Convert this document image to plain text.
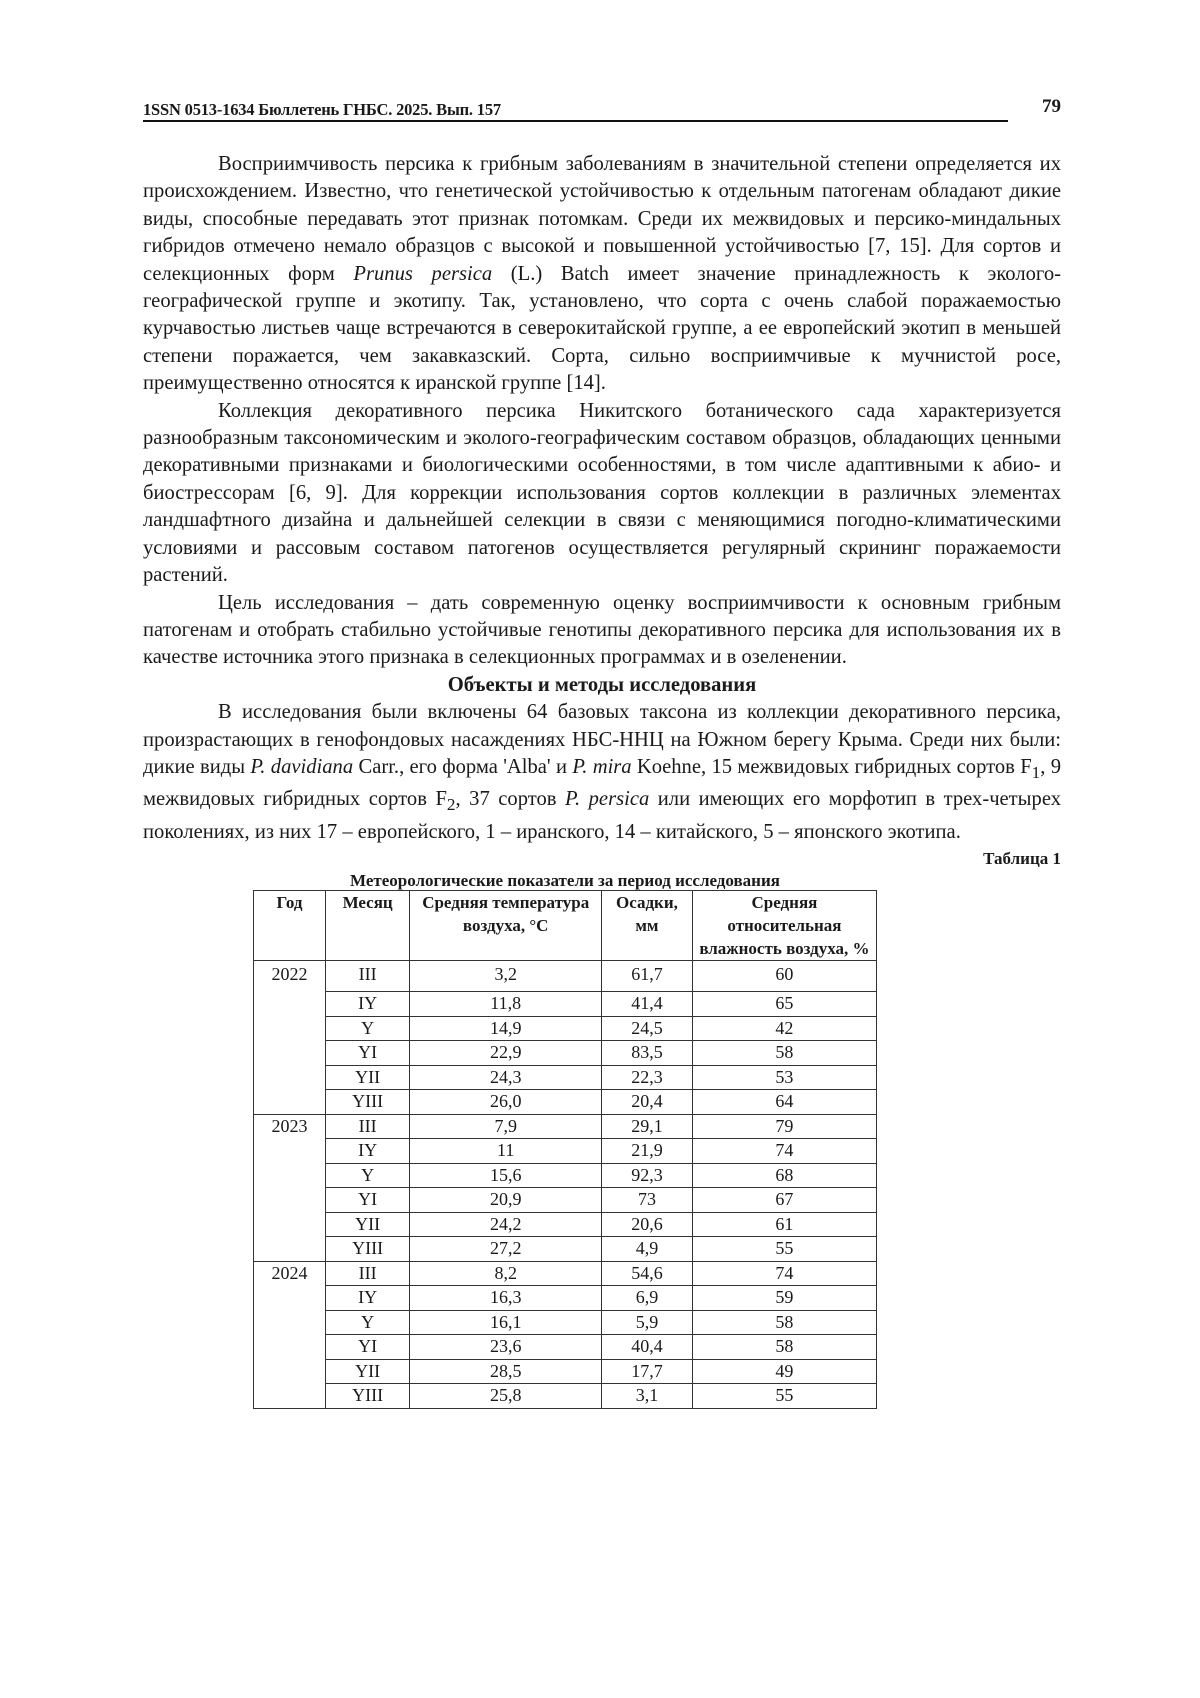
1SSN 0513-1634 Бюллетень ГНБС. 2025. Вып. 157	79

Восприимчивость персика к грибным заболеваниям в значительной степени определяется их происхождением. Известно, что генетической устойчивостью к отдельным патогенам обладают дикие виды, способные передавать этот признак потомкам. Среди их межвидовых и персико-миндальных гибридов отмечено немало образцов с высокой и повышенной устойчивостью [7, 15]. Для сортов и селекционных форм Prunus persica (L.) Batch имеет значение принадлежность к эколого-географической группе и экотипу. Так, установлено, что сорта с очень слабой поражаемостью курчавостью листьев чаще встречаются в северокитайской группе, а ее европейский экотип в меньшей степени поражается, чем закавказский. Сорта, сильно восприимчивые к мучнистой росе, преимущественно относятся к иранской группе [14].

Коллекция декоративного персика Никитского ботанического сада характеризуется разнообразным таксономическим и эколого-географическим составом образцов, обладающих ценными декоративными признаками и биологическими особенностями, в том числе адаптивными к абио- и биострессорам [6, 9]. Для коррекции использования сортов коллекции в различных элементах ландшафтного дизайна и дальнейшей селекции в связи с меняющимися погодно-климатическими условиями и рассовым составом патогенов осуществляется регулярный скрининг поражаемости растений.

Цель исследования – дать современную оценку восприимчивости к основным грибным патогенам и отобрать стабильно устойчивые генотипы декоративного персика для использования их в качестве источника этого признака в селекционных программах и в озеленении.

Объекты и методы исследования

В исследования были включены 64 базовых таксона из коллекции декоративного персика, произрастающих в генофондовых насаждениях НБС-ННЦ на Южном берегу Крыма. Среди них были: дикие виды P. davidiana Carr., его форма 'Alba' и P. mira Koehne, 15 межвидовых гибридных сортов $F_1$, 9 межвидовых гибридных сортов $F_2$, 37 сортов P. persica или имеющих его морфотип в трех-четырех поколениях, из них 17 – европейского, 1 – иранского, 14 – китайского, 5 – японского экотипа.

Таблица 1
Метеорологические показатели за период исследования
Год	Месяц	Средняя температура воздуха, °С	Осадки, мм	Средняя относительная влажность воздуха, %
2022	III	3,2	61,7	60
	IY	11,8	41,4	65
	Y	14,9	24,5	42
	YI	22,9	83,5	58
	YII	24,3	22,3	53
	YIII	26,0	20,4	64
2023	III	7,9	29,1	79
	IY	11	21,9	74
	Y	15,6	92,3	68
	YI	20,9	73	67
	YII	24,2	20,6	61
	YIII	27,2	4,9	55
2024	III	8,2	54,6	74
	IY	16,3	6,9	59
	Y	16,1	5,9	58
	YI	23,6	40,4	58
	YII	28,5	17,7	49
	YIII	25,8	3,1	55
